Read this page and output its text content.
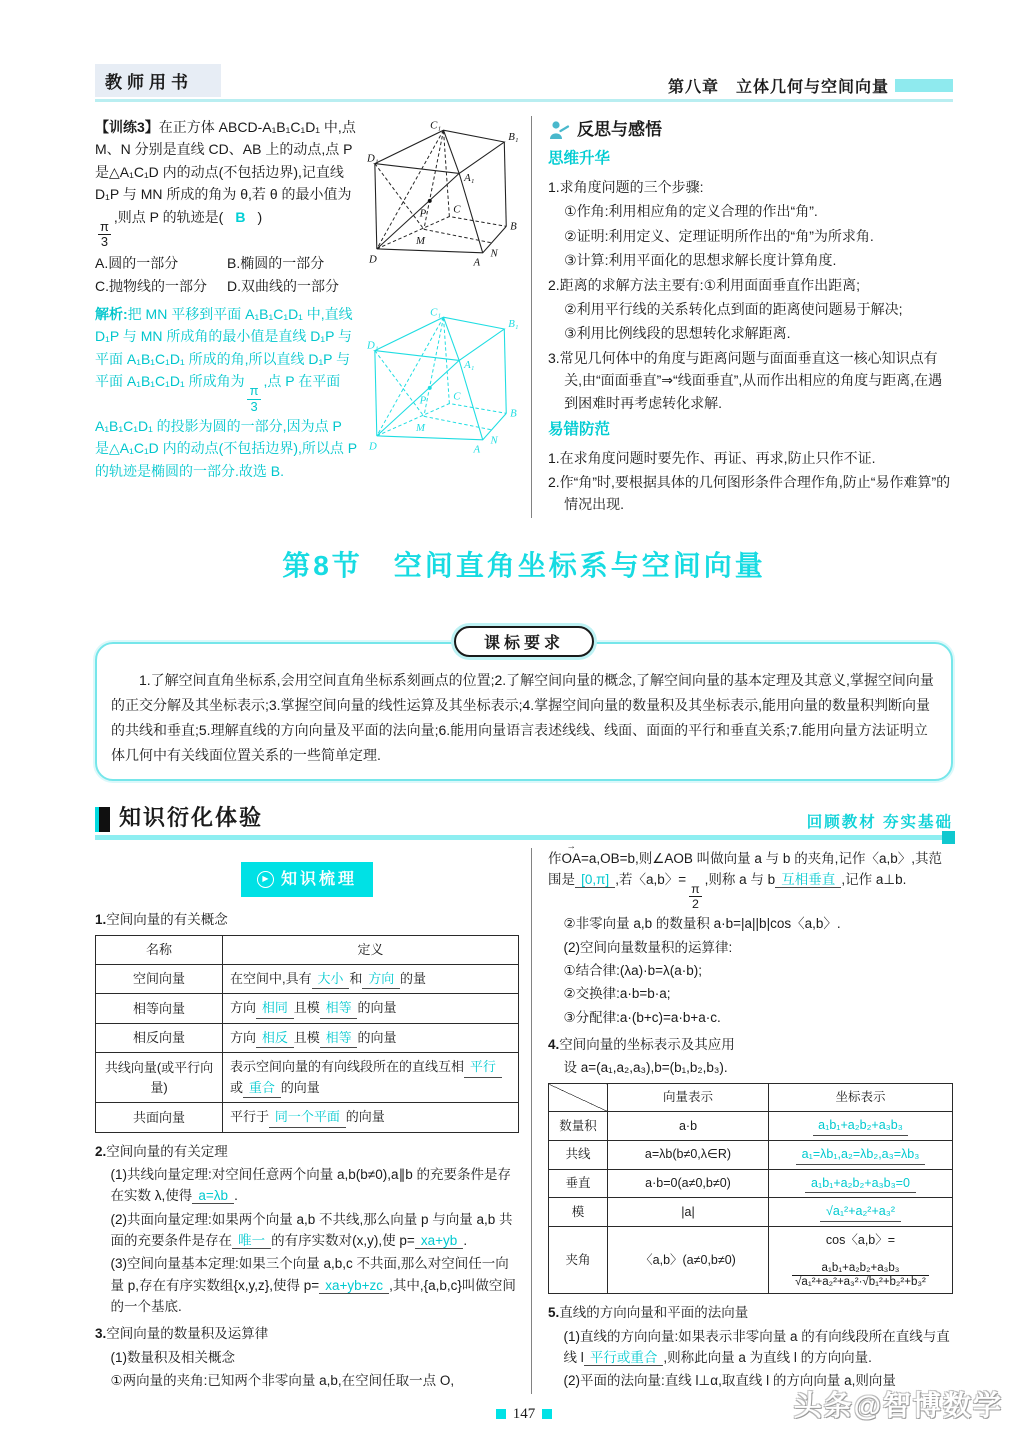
教师用书	第八章　立体几何与空间向量

C₁
B₁
D₁
A₁
P C
B
M
N
D	A
【训练3】在正方体 ABCD-A₁B₁C₁D₁ 中,点 M、N 分别是直线 CD、AB 上的动点,点 P 是△A₁C₁D 内的动点(不包括边界),记直线 D₁P 与 MN 所成的角为 θ,若 θ 的最小值为
$\frac{\pi}{3}$
,则点 P 的轨迹是( B )

A.圆的一部分	B.椭圆的一部分
C.抛物线的一部分	D.双曲线的一部分

C₁
B₁
D₁
A₁
P C
B
M
N
D	A
解析:把 MN 平移到平面 A₁B₁C₁D₁ 中,直线 D₁P 与 MN 所成角的最小值是直线 D₁P 与平面 A₁B₁C₁D₁ 所成的角,所以直线 D₁P 与平面 A₁B₁C₁D₁ 所成角为
$\frac{\pi}{3}$
,点 P 在平面 A₁B₁C₁D₁ 的投影为圆的一部分,因为点 P 是△A₁C₁D 内的动点(不包括边界),所以点 P 的轨迹是椭圆的一部分.故选 B.

反思与感悟
思维升华

1.求角度问题的三个步骤:

①作角:利用相应角的定义合理的作出“角”.

②证明:利用定义、定理证明所作出的“角”为所求角.

③计算:利用平面化的思想求解长度计算角度.

2.距离的求解方法主要有:①利用面面垂直作出距离;

②利用平行线的关系转化点到面的距离使问题易于解决;

③利用比例线段的思想转化求解距离.

3.常见几何体中的角度与距离问题与面面垂直这一核心知识点有关,由“面面垂直”⇒“线面垂直”,从而作出相应的角度与距离,在遇到困难时再考虑转化求解.

易错防范

1.在求角度问题时要先作、再证、再求,防止只作不证.

2.作“角”时,要根据具体的几何图形条件合理作角,防止“易作难算”的情况出现.

第8节　空间直角坐标系与空间向量
课标要求

1.了解空间直角坐标系,会用空间直角坐标系刻画点的位置;2.了解空间向量的概念,了解空间向量的基本定理及其意义,掌握空间向量的正交分解及其坐标表示;3.掌握空间向量的线性运算及其坐标表示;4.掌握空间向量的数量积及其坐标表示,能用向量的数量积判断向量的共线和垂直;5.理解直线的方向向量及平面的法向量;6.能用向量语言表述线线、线面、面面的平行和垂直关系;7.能用向量方法证明立体几何中有关线面位置关系的一些简单定理.

知识衍化体验	回顾教材 夯实基础
▶ 知识梳理

1.空间向量的有关概念

名称	定义
空间向量	在空间中,具有 大小 和 方向 的量
相等向量	方向 相同 且模 相等 的向量
相反向量	方向 相反 且模 相等 的向量
共线向量(或平行向量)	表示空间向量的有向线段所在的直线互相 平行或 重合 的向量
共面向量	平行于 同一个平面 的向量

2.空间向量的有关定理

(1)共线向量定理:对空间任意两个向量 a,b(b≠0),a∥b 的充要条件是存在实数 λ,使得 a=λb .

(2)共面向量定理:如果两个向量 a,b 不共线,那么向量 p 与向量 a,b 共面的充要条件是存在 唯一 的有序实数对(x,y),使 p= xa+yb .

(3)空间向量基本定理:如果三个向量 a,b,c 不共面,那么对空间任一向量 p,存在有序实数组{x,y,z},使得 p= xa+yb+zc ,其中,{a,b,c}叫做空间的一个基底.

3.空间向量的数量积及运算律

(1)数量积及相关概念

①两向量的夹角:已知两个非零向量 a,b,在空间任取一点 O,

作OA →=a,OB=b,则∠AOB 叫做向量 a 与 b 的夹角,记作〈a,b〉,其范围是 [0,π] ,若〈a,b〉=
$\frac{\pi}{2}$
,则称 a 与 b 互相垂直 ,记作 a⊥b.

②非零向量 a,b 的数量积 a·b=|a||b|cos〈a,b〉.

(2)空间向量数量积的运算律:

①结合律:(λa)·b=λ(a·b);

②交换律:a·b=b·a;

③分配律:a·(b+c)=a·b+a·c.

4.空间向量的坐标表示及其应用

设 a=(a₁,a₂,a₃),b=(b₁,b₂,b₃).

	向量表示	坐标表示
数量积	a·b	a₁b₁+a₂b₂+a₃b₃
共线	a=λb(b≠0,λ∈R)	a₁=λb₁,a₂=λb₂,a₃=λb₃
垂直	a·b=0(a≠0,b≠0)	a₁b₁+a₂b₂+a₃b₃=0
模	|a|	√a₁²+a₂²+a₃²
夹角	〈a,b〉(a≠0,b≠0)	cos〈a,b〉=
$\frac{\text{a₁b₁+a₂b₂+a₃b₃}}{\text{√a₁²+a₂²+a₃²·√b₁²+b₂²+b₃²}}$

5.直线的方向向量和平面的法向量

(1)直线的方向向量:如果表示非零向量 a 的有向线段所在直线与直线 l 平行或重合 ,则称此向量 a 为直线 l 的方向向量.

(2)平面的法向量:直线 l⊥α,取直线 l 的方向向量 a,则向量

147	头条@智博数学
